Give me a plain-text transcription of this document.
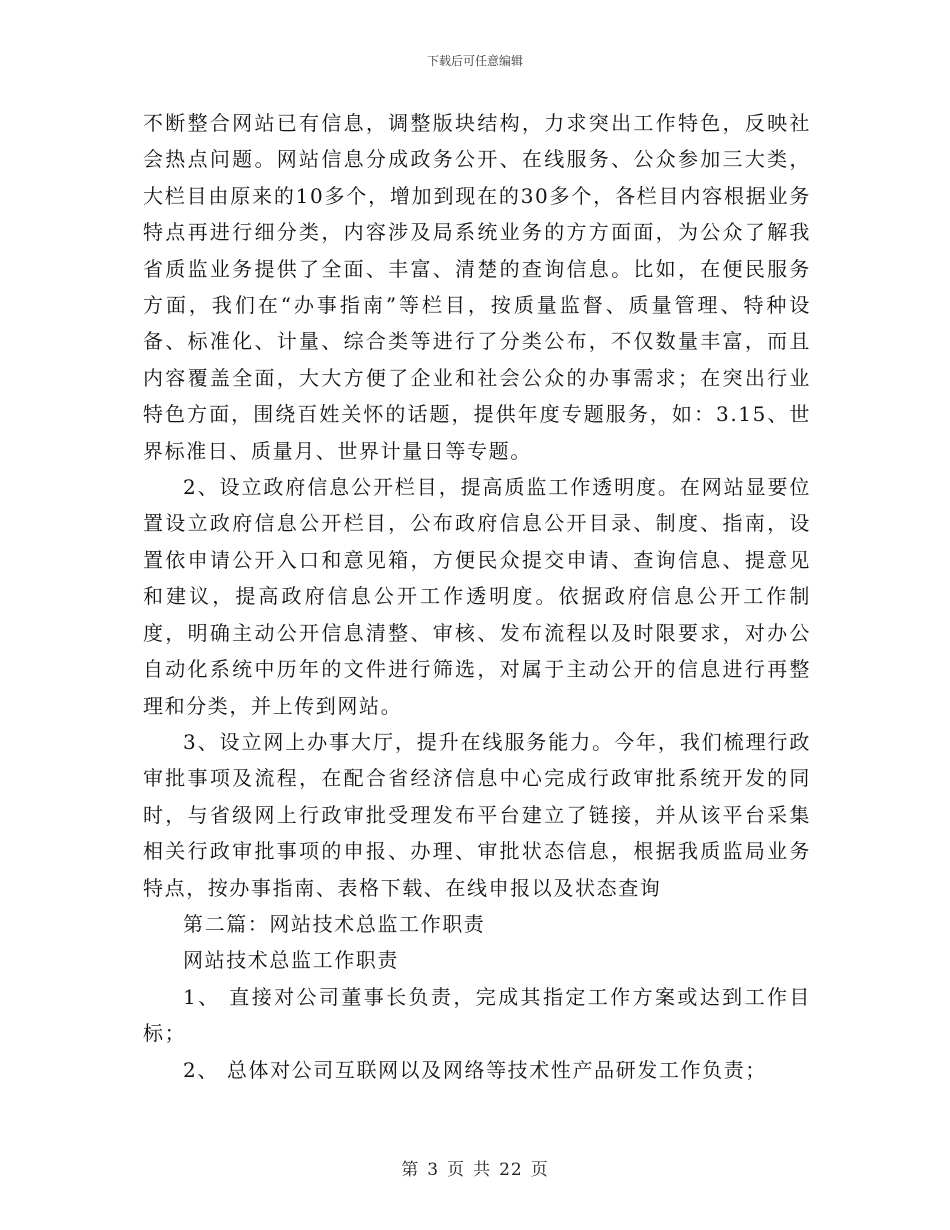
下载后可任意编辑

不断整合网站已有信息，调整版块结构，力求突出工作特色，反映社会热点问题。网站信息分成政务公开、在线服务、公众参加三大类，大栏目由原来的10多个，增加到现在的30多个，各栏目内容根据业务特点再进行细分类，内容涉及局系统业务的方方面面，为公众了解我省质监业务提供了全面、丰富、清楚的查询信息。比如，在便民服务方面，我们在“办事指南”等栏目，按质量监督、质量管理、特种设备、标准化、计量、综合类等进行了分类公布，不仅数量丰富，而且内容覆盖全面，大大方便了企业和社会公众的办事需求；在突出行业特色方面，围绕百姓关怀的话题，提供年度专题服务，如：3.15、世界标准日、质量月、世界计量日等专题。

2、设立政府信息公开栏目，提高质监工作透明度。在网站显要位置设立政府信息公开栏目，公布政府信息公开目录、制度、指南，设置依申请公开入口和意见箱，方便民众提交申请、查询信息、提意见和建议，提高政府信息公开工作透明度。依据政府信息公开工作制度，明确主动公开信息清整、审核、发布流程以及时限要求，对办公自动化系统中历年的文件进行筛选，对属于主动公开的信息进行再整理和分类，并上传到网站。

3、设立网上办事大厅，提升在线服务能力。今年，我们梳理行政审批事项及流程，在配合省经济信息中心完成行政审批系统开发的同时，与省级网上行政审批受理发布平台建立了链接，并从该平台采集相关行政审批事项的申报、办理、审批状态信息，根据我质监局业务特点，按办事指南、表格下载、在线申报以及状态查询

第二篇：网站技术总监工作职责

网站技术总监工作职责

1、 直接对公司董事长负责，完成其指定工作方案或达到工作目标；

2、 总体对公司互联网以及网络等技术性产品研发工作负责；

第 3 页 共 22 页
